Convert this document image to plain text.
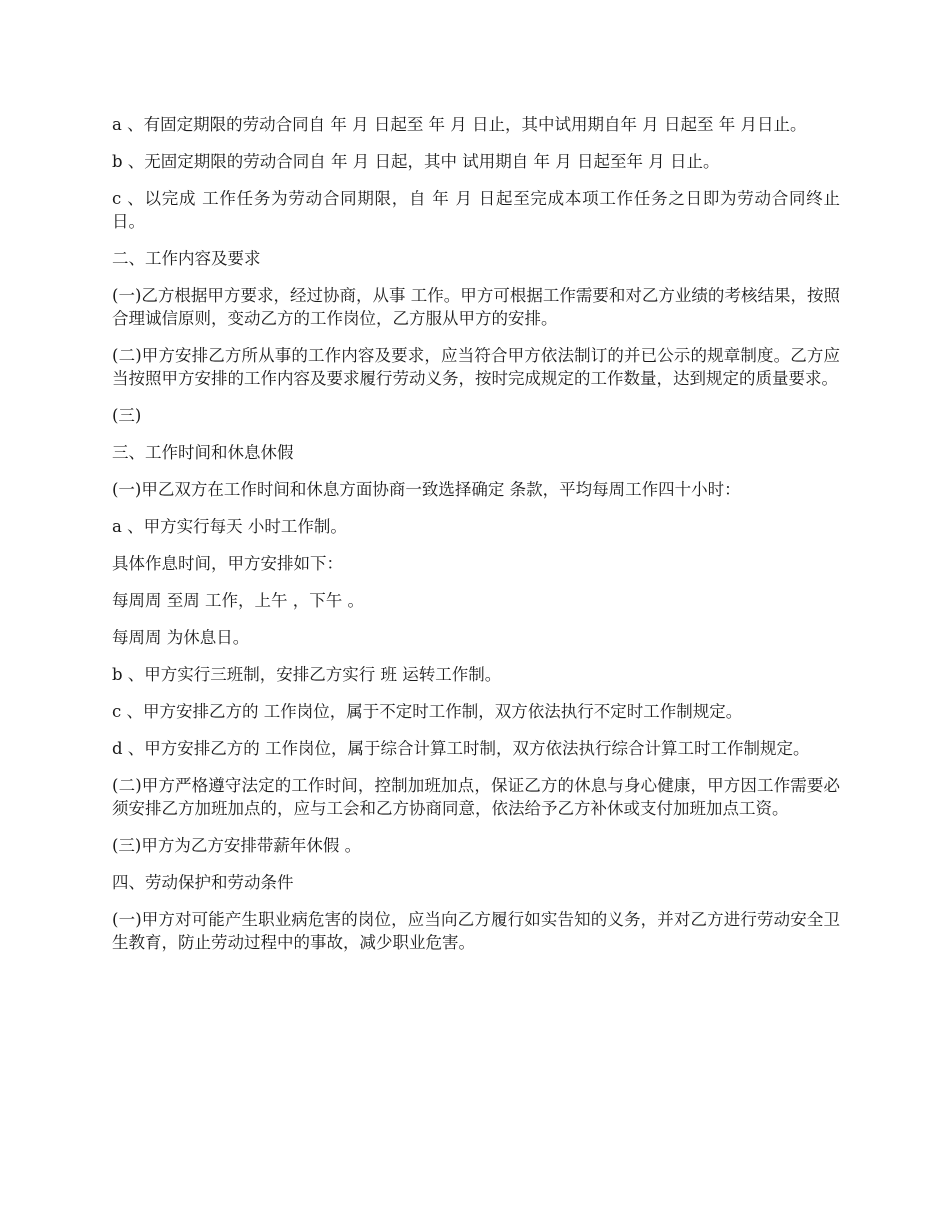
a 、有固定期限的劳动合同自 年 月 日起至 年 月 日止，其中试用期自年 月 日起至 年 月日止。

b 、无固定期限的劳动合同自 年 月 日起，其中 试用期自 年 月 日起至年 月 日止。

c 、以完成 工作任务为劳动合同期限，自 年 月 日起至完成本项工作任务之日即为劳动合同终止日。

二、工作内容及要求

(一)乙方根据甲方要求，经过协商，从事 工作。甲方可根据工作需要和对乙方业绩的考核结果，按照合理诚信原则，变动乙方的工作岗位，乙方服从甲方的安排。

(二)甲方安排乙方所从事的工作内容及要求，应当符合甲方依法制订的并已公示的规章制度。乙方应当按照甲方安排的工作内容及要求履行劳动义务，按时完成规定的工作数量，达到规定的质量要求。

(三)

三、工作时间和休息休假

(一)甲乙双方在工作时间和休息方面协商一致选择确定 条款，平均每周工作四十小时：

a 、甲方实行每天 小时工作制。

具体作息时间，甲方安排如下：

每周周 至周 工作，上午 ，下午 。

每周周 为休息日。

b 、甲方实行三班制，安排乙方实行 班 运转工作制。

c 、甲方安排乙方的 工作岗位，属于不定时工作制，双方依法执行不定时工作制规定。

d 、甲方安排乙方的 工作岗位，属于综合计算工时制，双方依法执行综合计算工时工作制规定。

(二)甲方严格遵守法定的工作时间，控制加班加点，保证乙方的休息与身心健康，甲方因工作需要必须安排乙方加班加点的，应与工会和乙方协商同意，依法给予乙方补休或支付加班加点工资。

(三)甲方为乙方安排带薪年休假 。

四、劳动保护和劳动条件

(一)甲方对可能产生职业病危害的岗位，应当向乙方履行如实告知的义务，并对乙方进行劳动安全卫生教育，防止劳动过程中的事故，减少职业危害。
